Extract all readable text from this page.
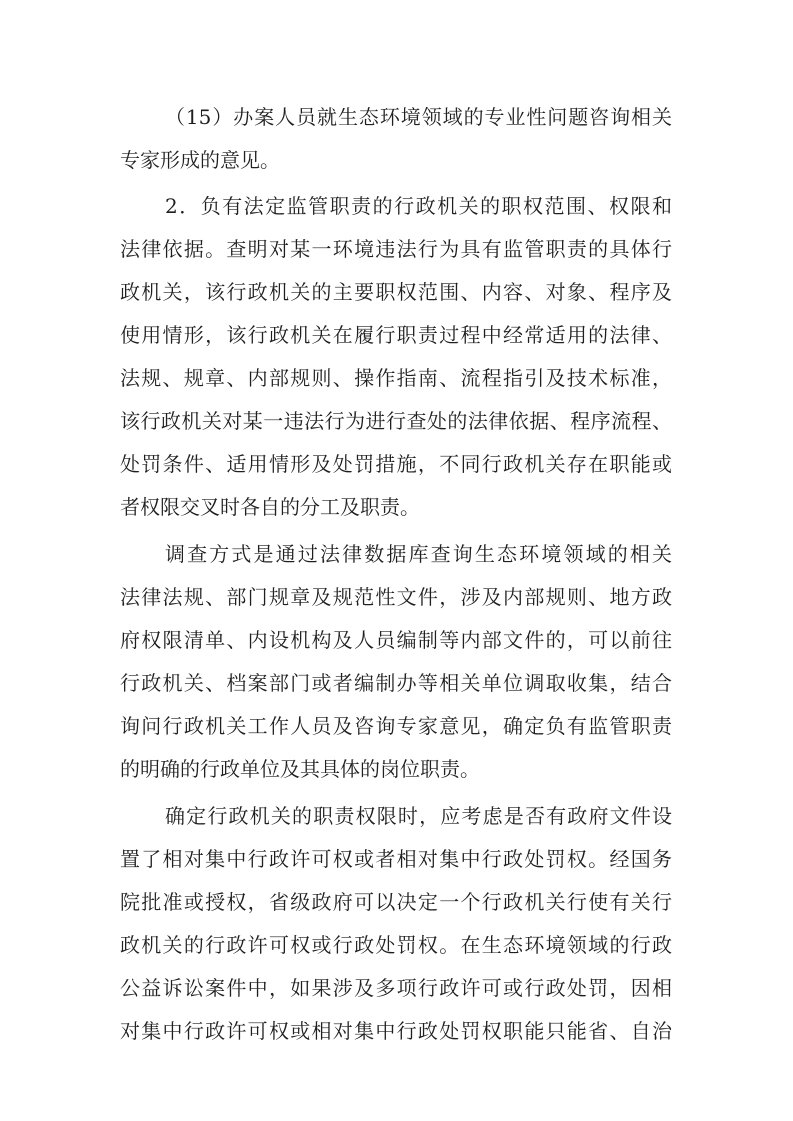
（15）办案人员就生态环境领域的专业性问题咨询相关
专家形成的意见。
2．负有法定监管职责的行政机关的职权范围、权限和
法律依据。查明对某一环境违法行为具有监管职责的具体行
政机关，该行政机关的主要职权范围、内容、对象、程序及
使用情形，该行政机关在履行职责过程中经常适用的法律、
法规、规章、内部规则、操作指南、流程指引及技术标准，
该行政机关对某一违法行为进行查处的法律依据、程序流程、
处罚条件、适用情形及处罚措施，不同行政机关存在职能或
者权限交叉时各自的分工及职责。
调查方式是通过法律数据库查询生态环境领域的相关
法律法规、部门规章及规范性文件，涉及内部规则、地方政
府权限清单、内设机构及人员编制等内部文件的，可以前往
行政机关、档案部门或者编制办等相关单位调取收集，结合
询问行政机关工作人员及咨询专家意见，确定负有监管职责
的明确的行政单位及其具体的岗位职责。
确定行政机关的职责权限时，应考虑是否有政府文件设
置了相对集中行政许可权或者相对集中行政处罚权。经国务
院批准或授权，省级政府可以决定一个行政机关行使有关行
政机关的行政许可权或行政处罚权。在生态环境领域的行政
公益诉讼案件中，如果涉及多项行政许可或行政处罚，因相
对集中行政许可权或相对集中行政处罚权职能只能省、自治
